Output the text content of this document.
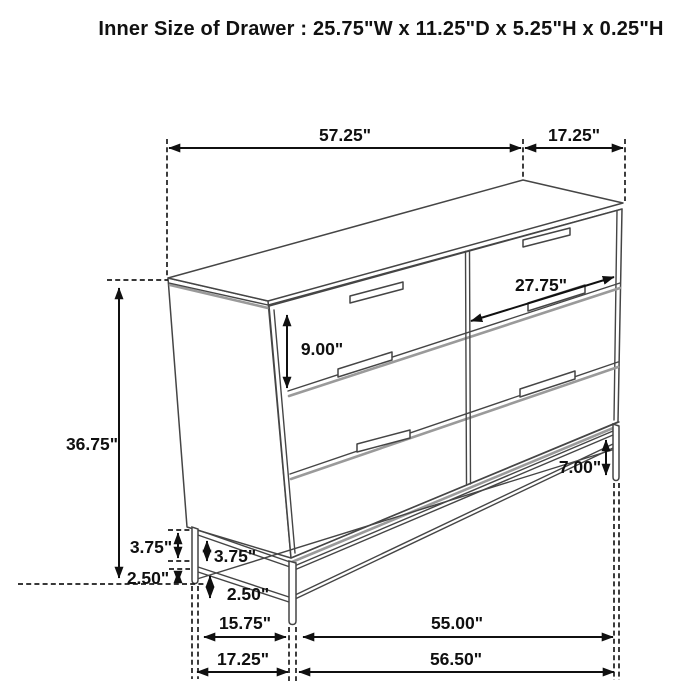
Inner Size of Drawer : 25.75"W x 11.25"D x 5.25"H x 0.25"H
57.25"	17.25"
27.75"
9.00"
36.75"
7.00"
3.75" 3.75"
2.50"
2.50"
15.75"	55.00"
17.25"	56.50"
